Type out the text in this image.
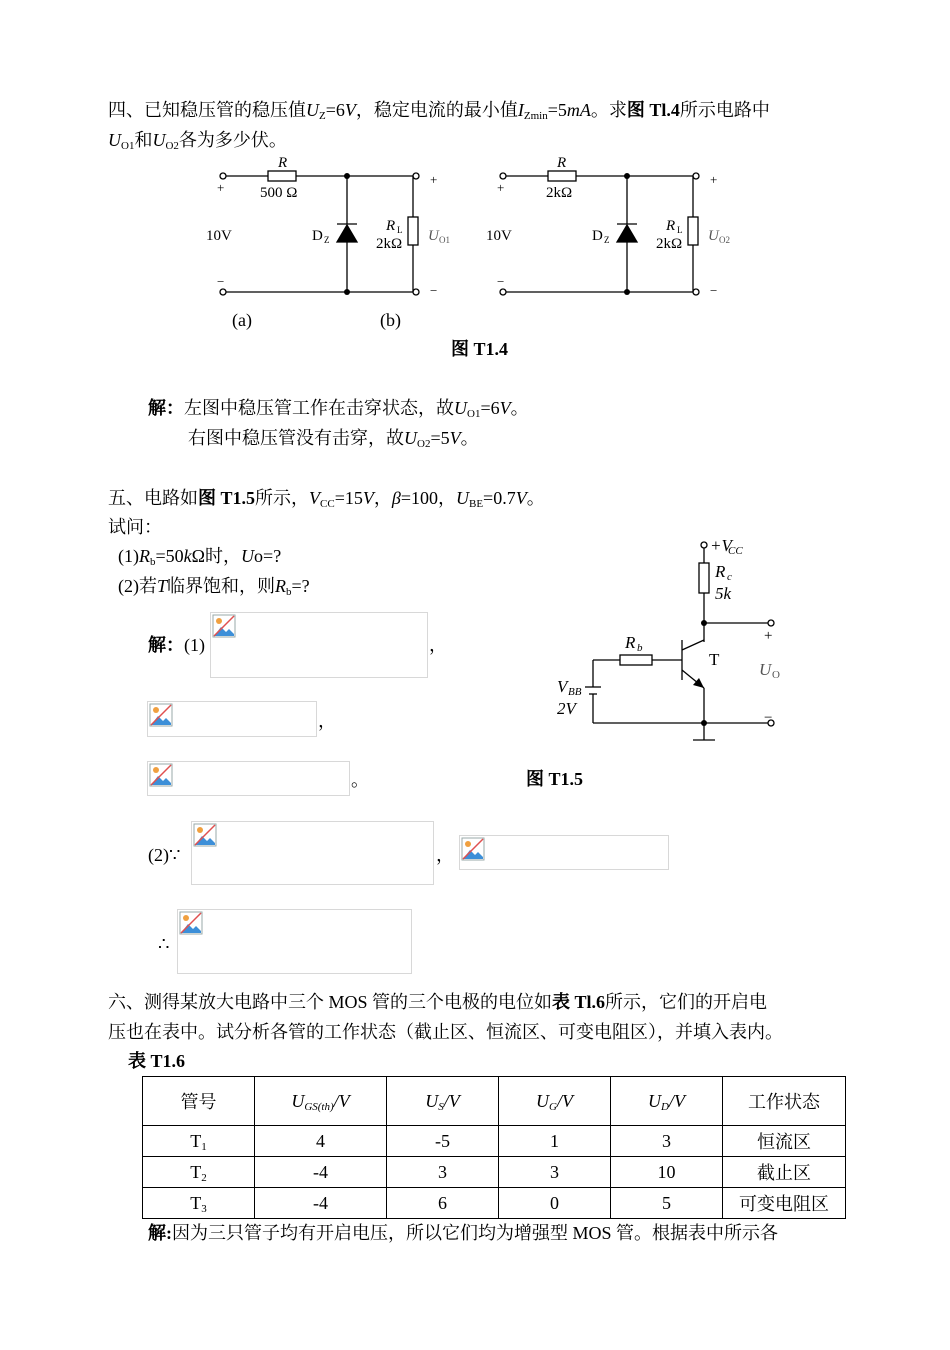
四、已知稳压管的稳压值$U_Z=6V$，稳定电流的最小值$I_{Zmin}=5mA$。求图 Tl.4所示电路中
$U_{O1}$和$U_{O2}$各为多少伏。
R
500 Ω
+
−
10V	D Z
R L
2kΩ U O1
+
−
R
2kΩ
+
−
10V	D Z
R L
2kΩ U O2
+
−
(a)	(b)
图 T1.4
解：左图中稳压管工作在击穿状态，故$U_{O1}=6V$。
右图中稳压管没有击穿，故$U_{O2}=5V$。
五、电路如图 T1.5所示，$V_{CC}=15V$，β=100，$U_{BE}=0.7V$。
试问：
$(1)R_b=50k\Omega$时，Uo=?
(2)若T临界饱和，则$R_b=$?
+V
CC
R c
5k
R b
T
V BB
2V
+
U O
−
图 T1.5
解：(1)	，
，
。
(2)∵	，
∴
六、测得某放大电路中三个 MOS 管的三个电极的电位如表 Tl.6所示，它们的开启电
压也在表中。试分析各管的工作状态（截止区、恒流区、可变电阻区），并填入表内。
表 T1.6
管号	$U_{GS(th)}/V$	$U_S/V$	$U_G/V$	$U_D/V$	工作状态
$T_1$	4	-5	1	3	恒流区
$T_2$	-4	3	3	10	截止区
$T_3$	-4	6	0	5	可变电阻区
解:因为三只管子均有开启电压，所以它们均为增强型 MOS 管。根据表中所示各
